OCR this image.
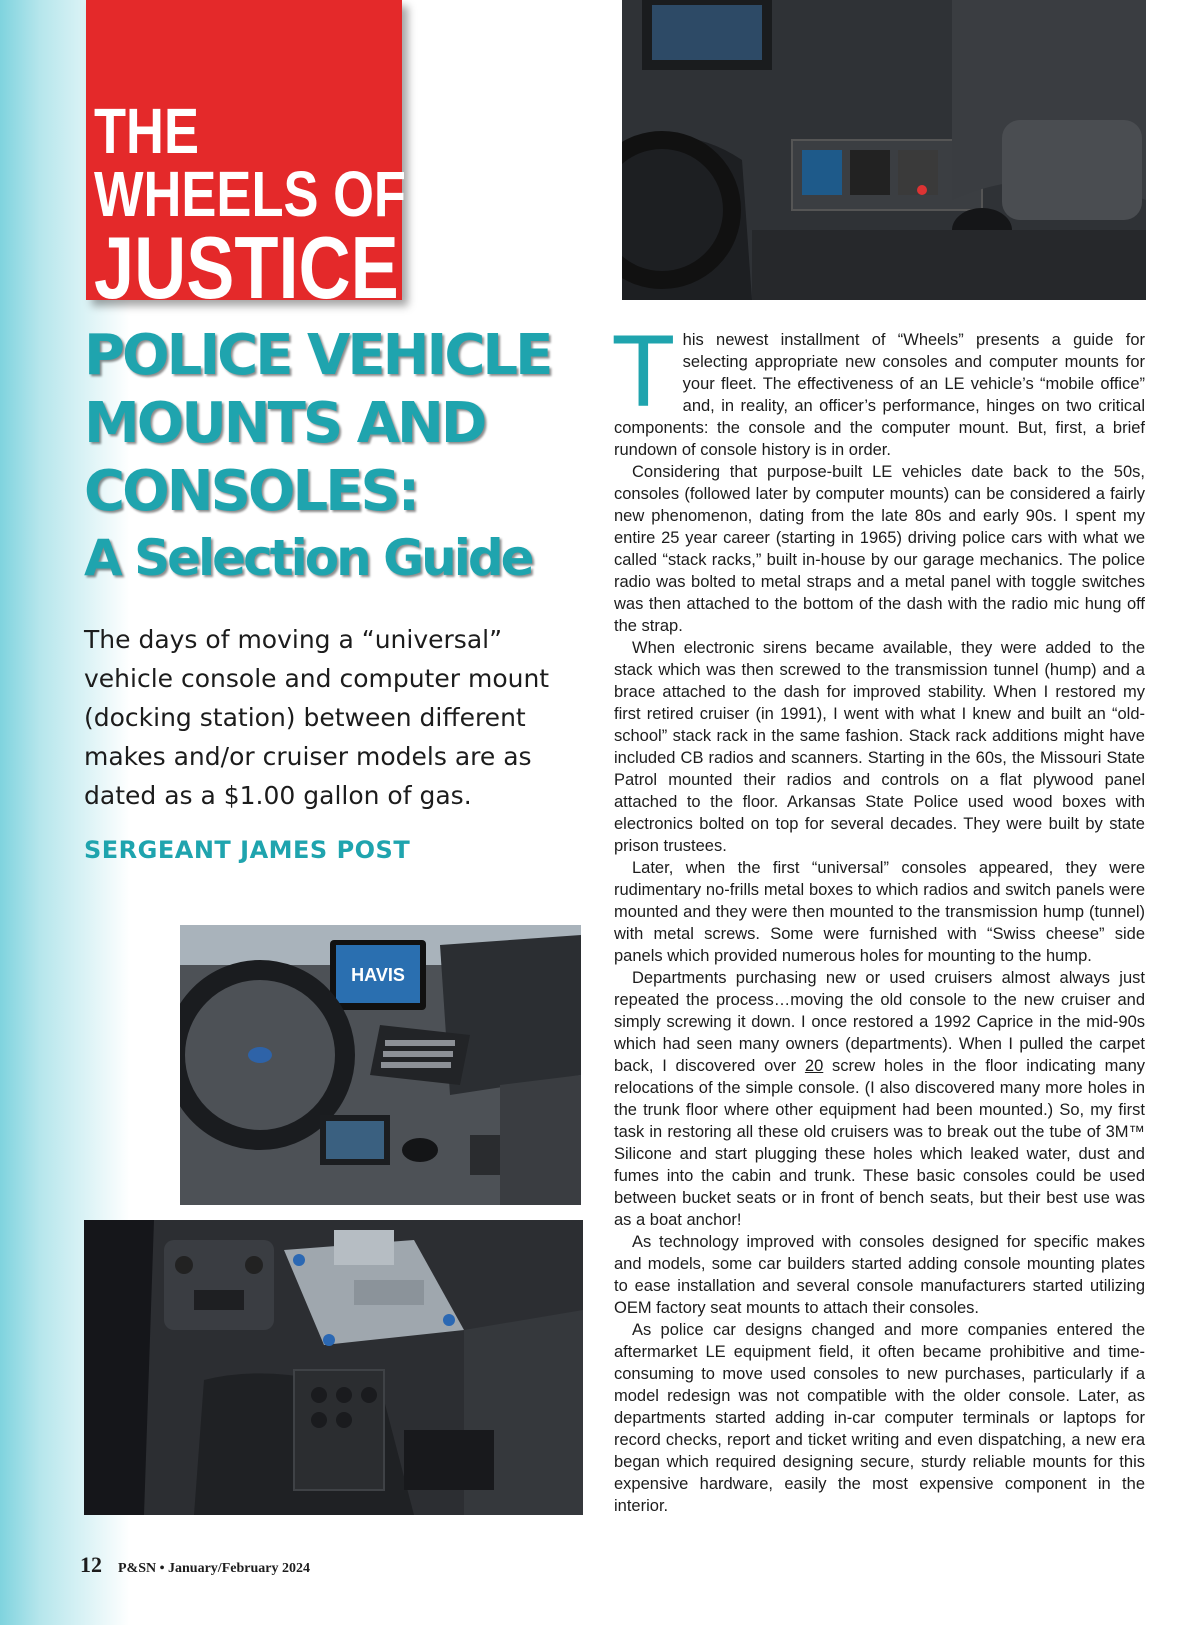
THE
WHEELS OF
JUSTICE
POLICE VEHICLE
MOUNTS AND
CONSOLES:
A Selection Guide
The days of moving a “universal” vehicle console and computer mount (docking station) between different makes and/or cruiser models are as dated as a $1.00 gallon of gas.
SERGEANT JAMES POST
HAVIS

This newest installment of “Wheels” presents a guide for selecting appropriate new consoles and computer mounts for your fleet. The effectiveness of an LE vehicle’s “mobile office” and, in reality, an officer’s performance, hinges on two critical components: the console and the computer mount. But, first, a brief rundown of console history is in order.

Considering that purpose-built LE vehicles date back to the 50s, consoles (followed later by computer mounts) can be considered a fairly new phenomenon, dating from the late 80s and early 90s. I spent my entire 25 year career (starting in 1965) driving police cars with what we called “stack racks,” built in-house by our garage mechanics. The police radio was bolted to metal straps and a metal panel with toggle switches was then attached to the bottom of the dash with the radio mic hung off the strap.

When electronic sirens became available, they were added to the stack which was then screwed to the transmission tunnel (hump) and a brace attached to the dash for improved stability. When I restored my first retired cruiser (in 1991), I went with what I knew and built an “old-school” stack rack in the same fashion. Stack rack additions might have included CB radios and scanners. Starting in the 60s, the Missouri State Patrol mounted their radios and controls on a flat plywood panel attached to the floor. Arkansas State Police used wood boxes with electronics bolted on top for several decades. They were built by state prison trustees.

Later, when the first “universal” consoles appeared, they were rudimentary no-frills metal boxes to which radios and switch panels were mounted and they were then mounted to the transmission hump (tunnel) with metal screws. Some were furnished with “Swiss cheese” side panels which provided numerous holes for mounting to the hump.

Departments purchasing new or used cruisers almost always just repeated the process…moving the old console to the new cruiser and simply screwing it down. I once restored a 1992 Caprice in the mid-90s which had seen many owners (departments). When I pulled the carpet back, I discovered over 20 screw holes in the floor indicating many relocations of the simple console. (I also discovered many more holes in the trunk floor where other equipment had been mounted.) So, my first task in restoring all these old cruisers was to break out the tube of 3M™ Silicone and start plugging these holes which leaked water, dust and fumes into the cabin and trunk. These basic consoles could be used between bucket seats or in front of bench seats, but their best use was as a boat anchor!

As technology improved with consoles designed for specific makes and models, some car builders started adding console mounting plates to ease installation and several console manufacturers started utilizing OEM factory seat mounts to attach their consoles.

As police car designs changed and more companies entered the aftermarket LE equipment field, it often became prohibitive and time-consuming to move used consoles to new purchases, particularly if a model redesign was not compatible with the older console. Later, as departments started adding in-car computer terminals or laptops for record checks, report and ticket writing and even dispatching, a new era began which required designing secure, sturdy reliable mounts for this expensive hardware, easily the most expensive component in the interior.

12 P&SN • January/February 2024
